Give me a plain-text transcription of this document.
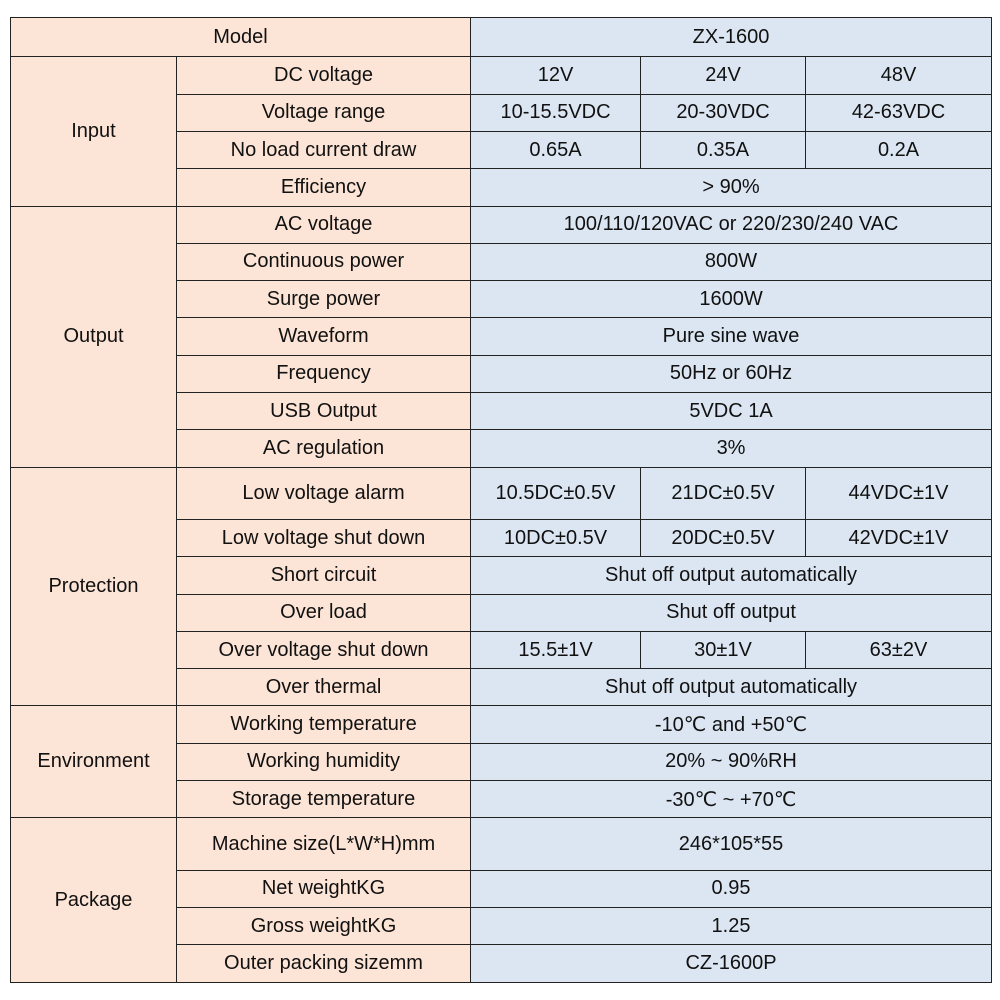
Model		ZX-1600		
Input	DC voltage	12V	24V	48V
	Voltage range	10-15.5VDC	20-30VDC	42-63VDC
	No load current draw	0.65A	0.35A	0.2A
	Efficiency	> 90%		
Output	AC voltage	100/110/120VAC or 220/230/240 VAC		
	Continuous power	800W		
	Surge power	1600W		
	Waveform	Pure sine wave		
	Frequency	50Hz or 60Hz		
	USB Output	5VDC 1A		
	AC regulation	3%		
Protection	Low voltage alarm	10.5DC±0.5V	21DC±0.5V	44VDC±1V
	Low voltage shut down	10DC±0.5V	20DC±0.5V	42VDC±1V
	Short circuit	Shut off output automatically		
	Over load	Shut off output		
	Over voltage shut down	15.5±1V	30±1V	63±2V
	Over thermal	Shut off output automatically		
Environment	Working temperature	-10℃ and +50℃		
	Working humidity	20% ~ 90%RH		
	Storage temperature	-30℃ ~ +70℃		
Package	Machine size(L*W*H)mm	246*105*55		
	Net weightKG	0.95		
	Gross weightKG	1.25		
	Outer packing sizemm	CZ-1600P		
